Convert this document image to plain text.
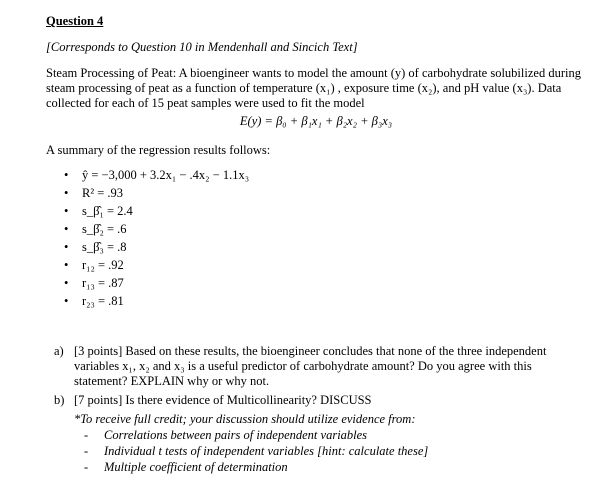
Question 4
[Corresponds to Question 10 in Mendenhall and Sincich Text]
Steam Processing of Peat: A bioengineer wants to model the amount (y) of carbohydrate solubilized during steam processing of peat as a function of temperature (x₁) , exposure time (x₂), and pH value (x₃). Data collected for each of 15 peat samples were used to fit the model
E(y) = β₀ + β₁x₁ + β₂x₂ + β₃x₃
A summary of the regression results follows:
• ŷ = −3,000 + 3.2x₁ − .4x₂ − 1.1x₃
• R² = .93
• s_β̂₁ = 2.4
• s_β̂₂ = .6
• s_β̂₃ = .8
• r₁₂ = .92
• r₁₃ = .87
• r₂₃ = .81
a) [3 points] Based on these results, the bioengineer concludes that none of the three independent variables x₁, x₂ and x₃ is a useful predictor of carbohydrate amount? Do you agree with this statement? EXPLAIN why or why not.
b) [7 points] Is there evidence of Multicollinearity? DISCUSS
*To receive full credit; your discussion should utilize evidence from:
- Correlations between pairs of independent variables
- Individual t tests of independent variables [hint: calculate these]
- Multiple coefficient of determination
